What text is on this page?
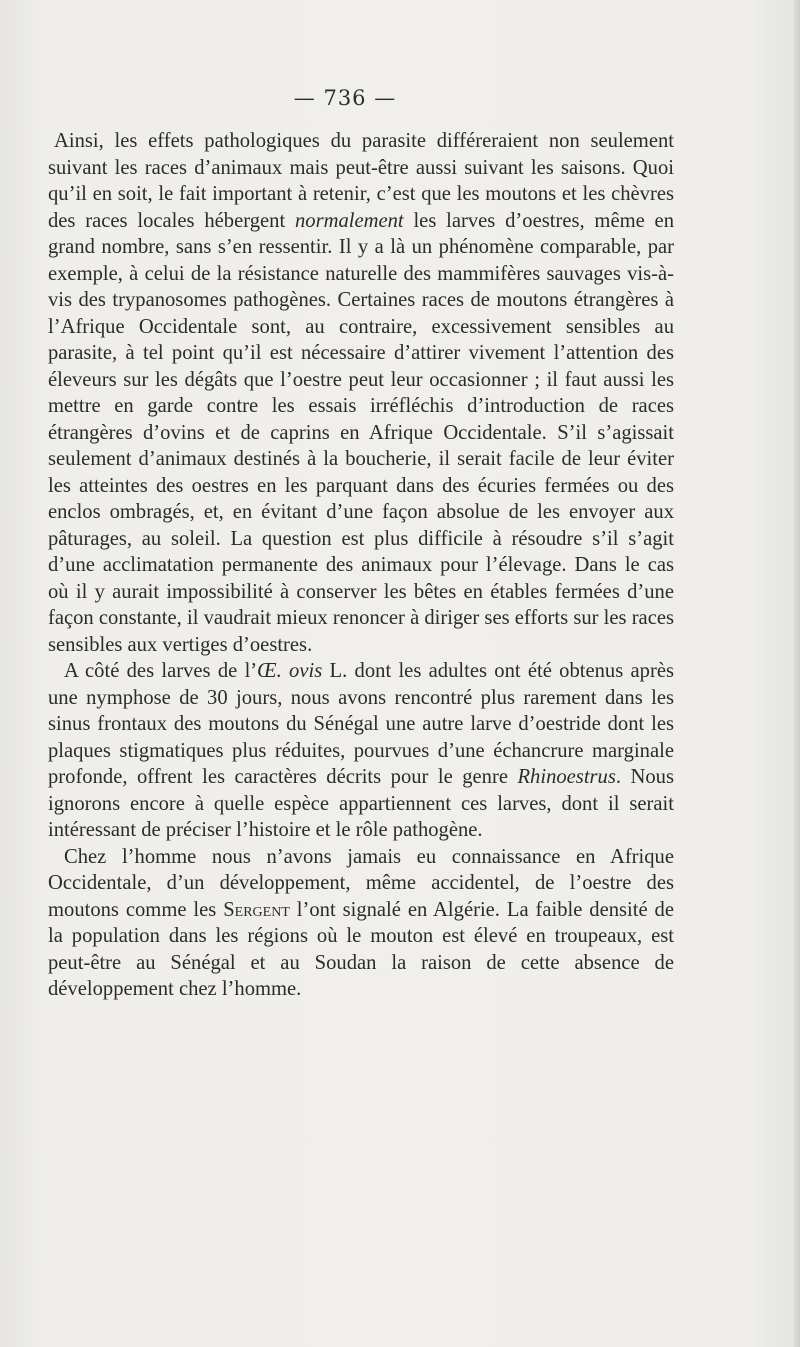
— 736 —

Ainsi, les effets pathologiques du parasite différeraient non seulement suivant les races d’animaux mais peut-être aussi suivant les saisons. Quoi qu’il en soit, le fait important à retenir, c’est que les moutons et les chèvres des races locales hébergent normalement les larves d’oestres, même en grand nombre, sans s’en ressentir. Il y a là un phénomène comparable, par exemple, à celui de la résistance naturelle des mammifères sauvages vis-à-vis des trypanosomes pathogènes. Certaines races de moutons étrangères à l’Afrique Occidentale sont, au contraire, excessivement sensibles au parasite, à tel point qu’il est nécessaire d’attirer vivement l’attention des éleveurs sur les dégâts que l’oestre peut leur occasionner ; il faut aussi les mettre en garde contre les essais irréfléchis d’introduction de races étrangères d’ovins et de caprins en Afrique Occidentale. S’il s’agissait seulement d’animaux destinés à la boucherie, il serait facile de leur éviter les atteintes des oestres en les parquant dans des écuries fermées ou des enclos ombragés, et, en évitant d’une façon absolue de les envoyer aux pâturages, au soleil. La question est plus difficile à résoudre s’il s’agit d’une acclimatation permanente des animaux pour l’élevage. Dans le cas où il y aurait impossibilité à conserver les bêtes en étables fermées d’une façon constante, il vaudrait mieux renoncer à diriger ses efforts sur les races sensibles aux vertiges d’oestres.

A côté des larves de l’Œ. ovis L. dont les adultes ont été obtenus après une nymphose de 30 jours, nous avons rencontré plus rarement dans les sinus frontaux des moutons du Sénégal une autre larve d’oestride dont les plaques stigmatiques plus réduites, pourvues d’une échancrure marginale profonde, offrent les caractères décrits pour le genre Rhinoestrus. Nous ignorons encore à quelle espèce appartiennent ces larves, dont il serait intéressant de préciser l’histoire et le rôle pathogène.

Chez l’homme nous n’avons jamais eu connaissance en Afrique Occidentale, d’un développement, même accidentel, de l’oestre des moutons comme les Sergent l’ont signalé en Algérie. La faible densité de la population dans les régions où le mouton est élevé en troupeaux, est peut-être au Sénégal et au Soudan la raison de cette absence de développement chez l’homme.
